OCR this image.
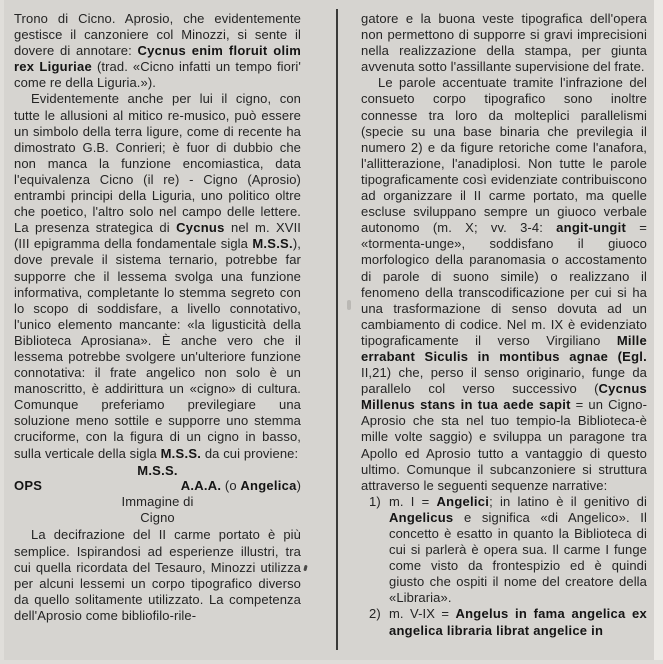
Trono di Cicno. Aprosio, che evidentemente gestisce il canzoniere col Minozzi, si sente il dovere di annotare: Cycnus enim floruit olim rex Liguriae (trad. «Cicno infatti un tempo fiori' come re della Liguria.»).

Evidentemente anche per lui il cigno, con tutte le allusioni al mitico re-musico, può essere un simbolo della terra ligure, come di recente ha dimostrato G.B. Conrieri; è fuor di dubbio che non manca la funzione encomiastica, data l'equivalenza Cicno (il re) - Cigno (Aprosio) entrambi principi della Liguria, uno politico oltre che poetico, l'altro solo nel campo delle lettere. La presenza strategica di Cycnus nel m. XVII (III epigramma della fondamentale sigla M.S.S.), dove prevale il sistema ternario, potrebbe far supporre che il lessema svolga una funzione informativa, completante lo stemma segreto con lo scopo di soddisfare, a livello connotativo, l'unico elemento mancante: «la ligusticità della Biblioteca Aprosiana». È anche vero che il lessema potrebbe svolgere un'ulteriore funzione connotativa: il frate angelico non solo è un manoscritto, è addirittura un «cigno» di cultura. Comunque preferiamo previlegiare una soluzione meno sottile e supporre uno stemma cruciforme, con la figura di un cigno in basso, sulla verticale della sigla M.S.S. da cui proviene:

M.S.S.
OPS	A.A.A. (o Angelica)
Immagine di
Cigno

La decifrazione del II carme portato è più semplice. Ispirandosi ad esperienze illustri, tra cui quella ricordata del Tesauro, Minozzi utilizza per alcuni lessemi un corpo tipografico diverso da quello solitamente utilizzato. La competenza dell'Aprosio come bibliofilo-rile-

gatore e la buona veste tipografica dell'opera non permettono di supporre si gravi imprecisioni nella realizzazione della stampa, per giunta avvenuta sotto l'assillante supervisione del frate.

Le parole accentuate tramite l'infrazione del consueto corpo tipografico sono inoltre connesse tra loro da molteplici parallelismi (specie su una base binaria che previlegia il numero 2) e da figure retoriche come l'anafora, l'allitterazione, l'anadiplosi. Non tutte le parole tipograficamente così evidenziate contribuiscono ad organizzare il II carme portato, ma quelle escluse sviluppano sempre un giuoco verbale autonomo (m. X; vv. 3-4: angit-ungit = «tormenta-unge», soddisfano il giuoco morfologico della paranomasia o accostamento di parole di suono simile) o realizzano il fenomeno della transcodificazione per cui si ha una trasformazione di senso dovuta ad un cambiamento di codice. Nel m. IX è evidenziato tipograficamente il verso Virgiliano Mille errabant Siculis in montibus agnae (Egl. II,21) che, perso il senso originario, funge da parallelo col verso successivo (Cycnus Millenus stans in tua aede sapit = un Cigno-Aprosio che sta nel tuo tempio-la Biblioteca-è mille volte saggio) e sviluppa un paragone tra Apollo ed Aprosio tutto a vantaggio di questo ultimo. Comunque il subcanzoniere si struttura attraverso le seguenti sequenze narrative:

1) m. I = Angelici; in latino è il genitivo di Angelicus e significa «di Angelico». Il concetto è esatto in quanto la Biblioteca di cui si parlerà è opera sua. Il carme I funge come visto da frontespizio ed è quindi giusto che ospiti il nome del creatore della «Libraria».
2) m. V-IX = Angelus in fama angelica ex angelica libraria librat angelice in
